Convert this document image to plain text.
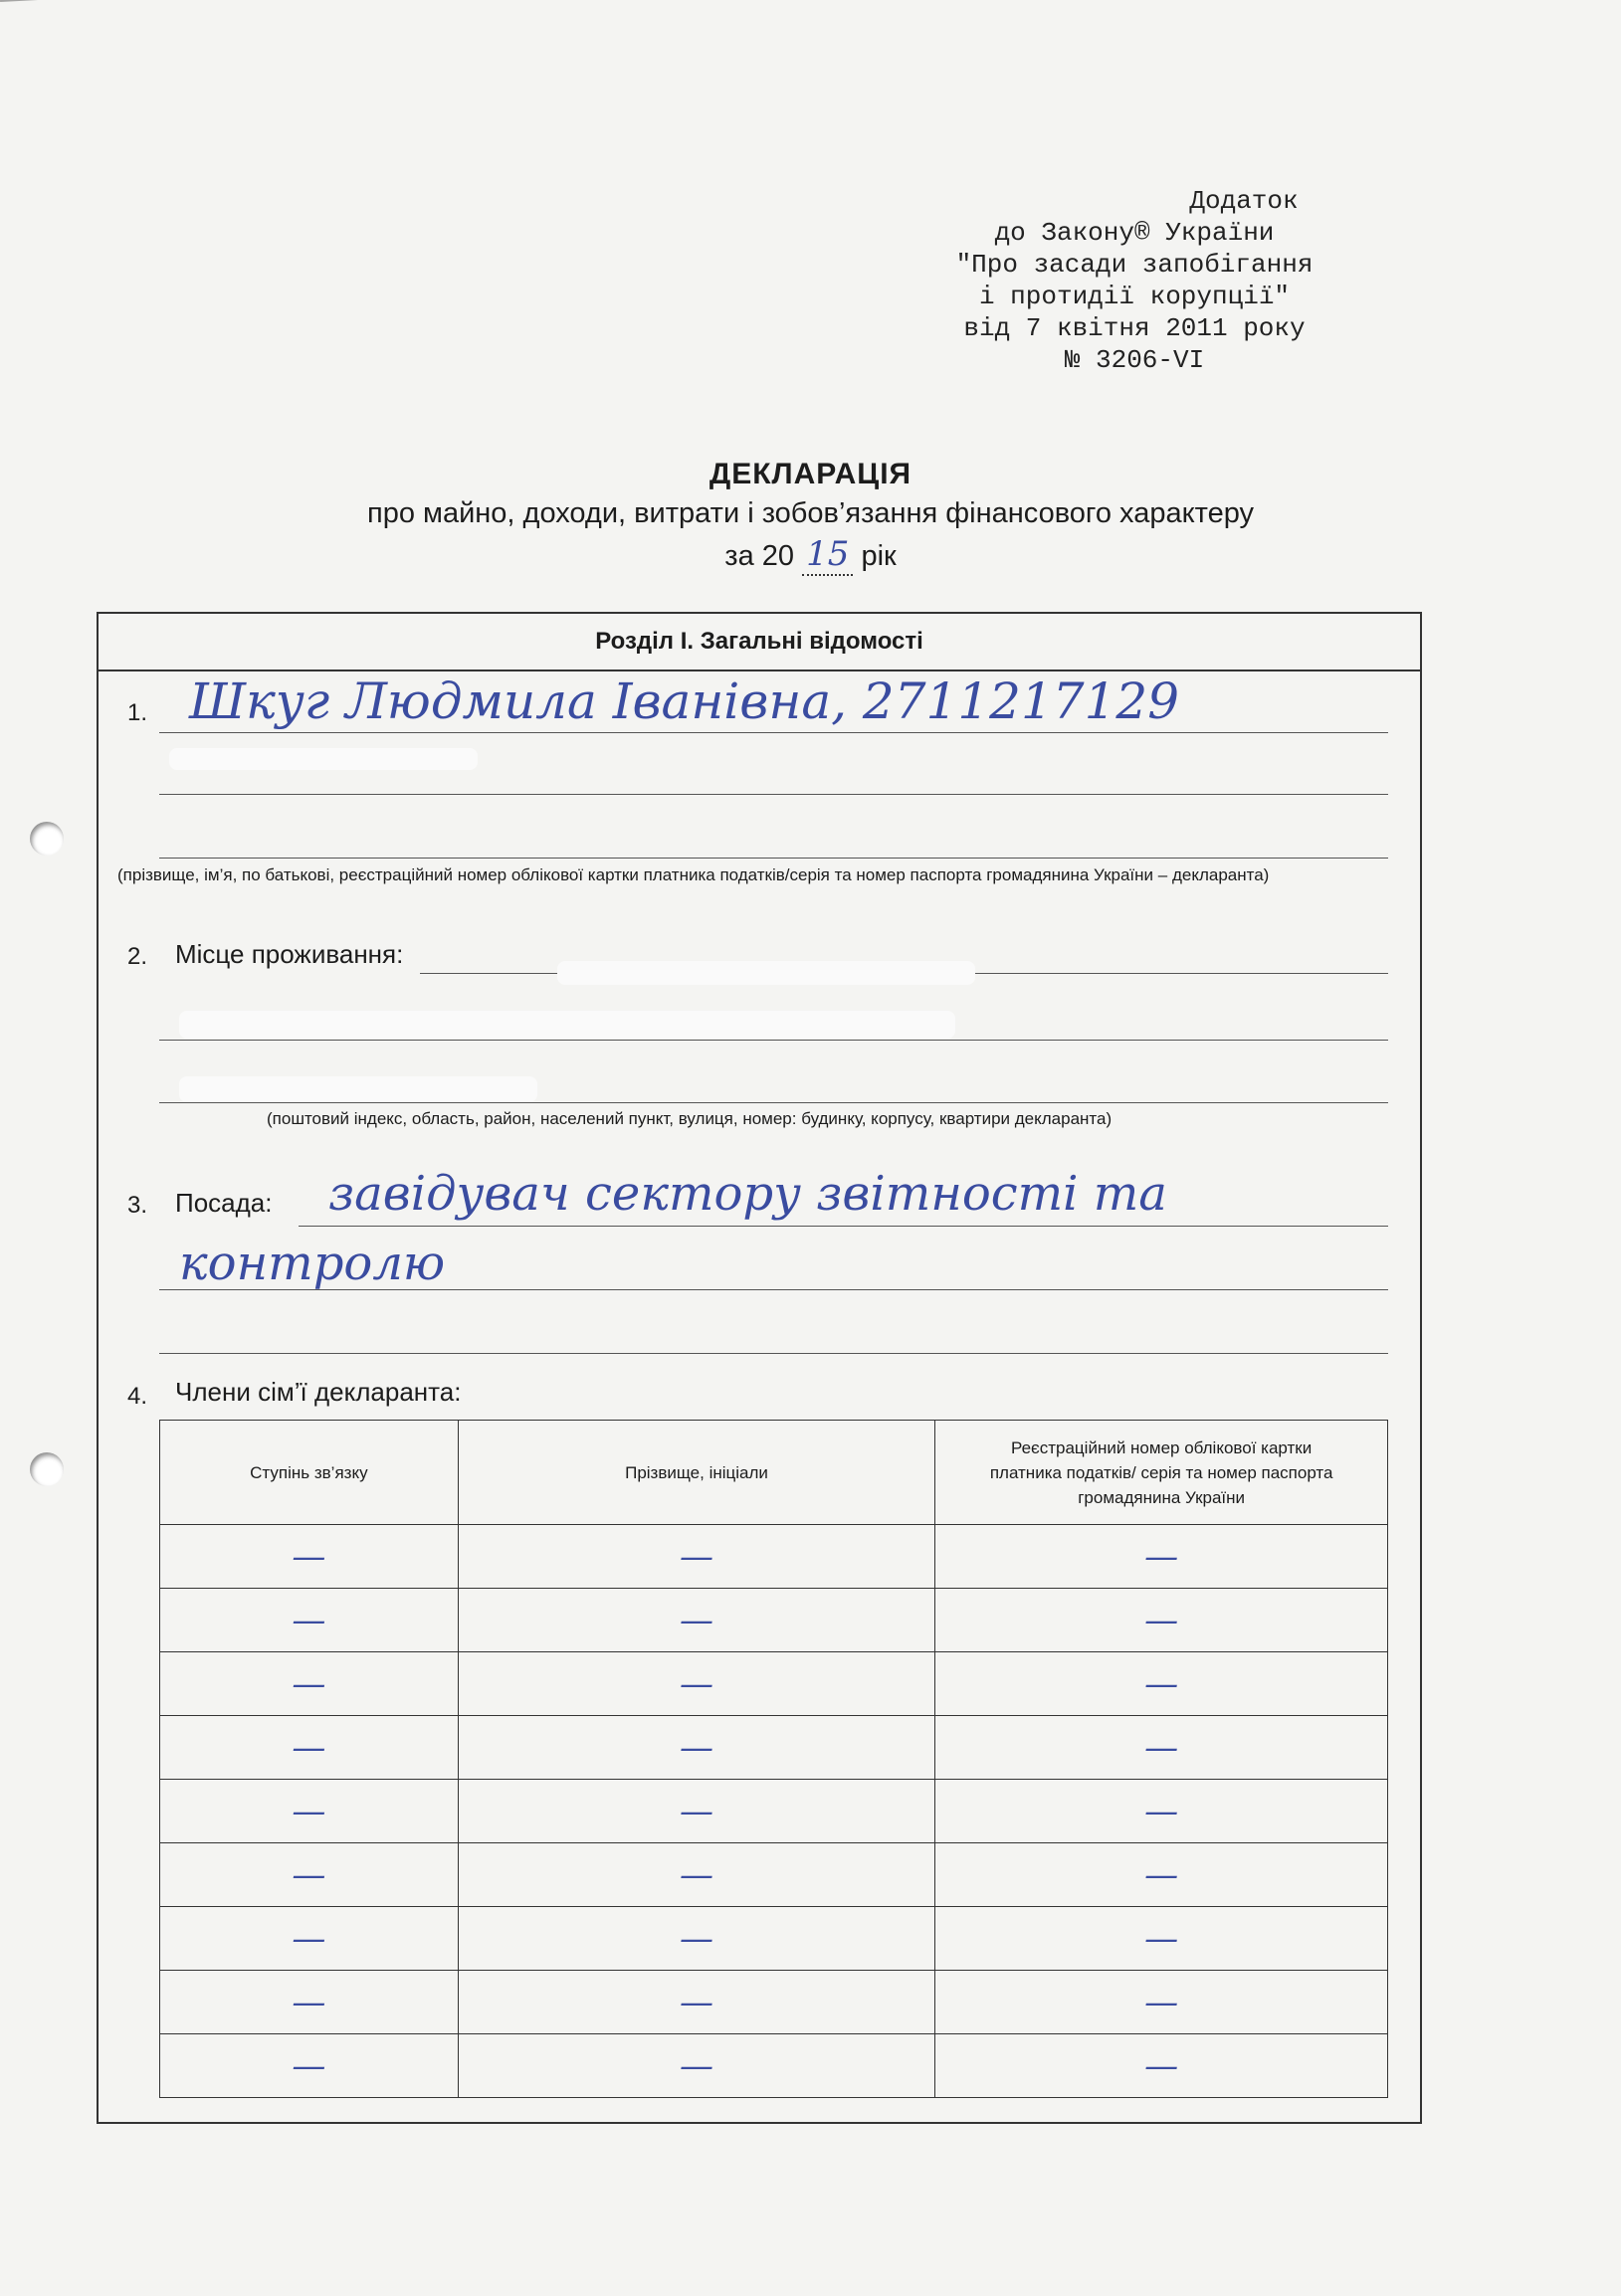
Додаток
до Закону® України
"Про засади запобігання
і протидії корупції"
від 7 квітня 2011 року
№ 3206-VI
ДЕКЛАРАЦІЯ
про майно, доходи, витрати і зобов’язання фінансового характеру
за 20 15 рік
Розділ І. Загальні відомості
1. Шкуг Людмила Іванівна, 2711217129
(прізвище, ім’я, по батькові, реєстраційний номер облікової картки платника податків/серія та номер паспорта громадянина України – декларанта)
2. Місце проживання:
(поштовий індекс, область, район, населений пункт, вулиця, номер: будинку, корпусу, квартири декларанта)
3. Посада: завідувач сектору звітності та
контролю
4. Члени сім’ї декларанта:
Ступінь зв’язку	Прізвище, ініціали	Реєстраційний номер облікової картки платника податків/ серія та номер паспорта громадянина України
—	—	—
—	—	—
—	—	—
—	—	—
—	—	—
—	—	—
—	—	—
—	—	—
—	—	—
